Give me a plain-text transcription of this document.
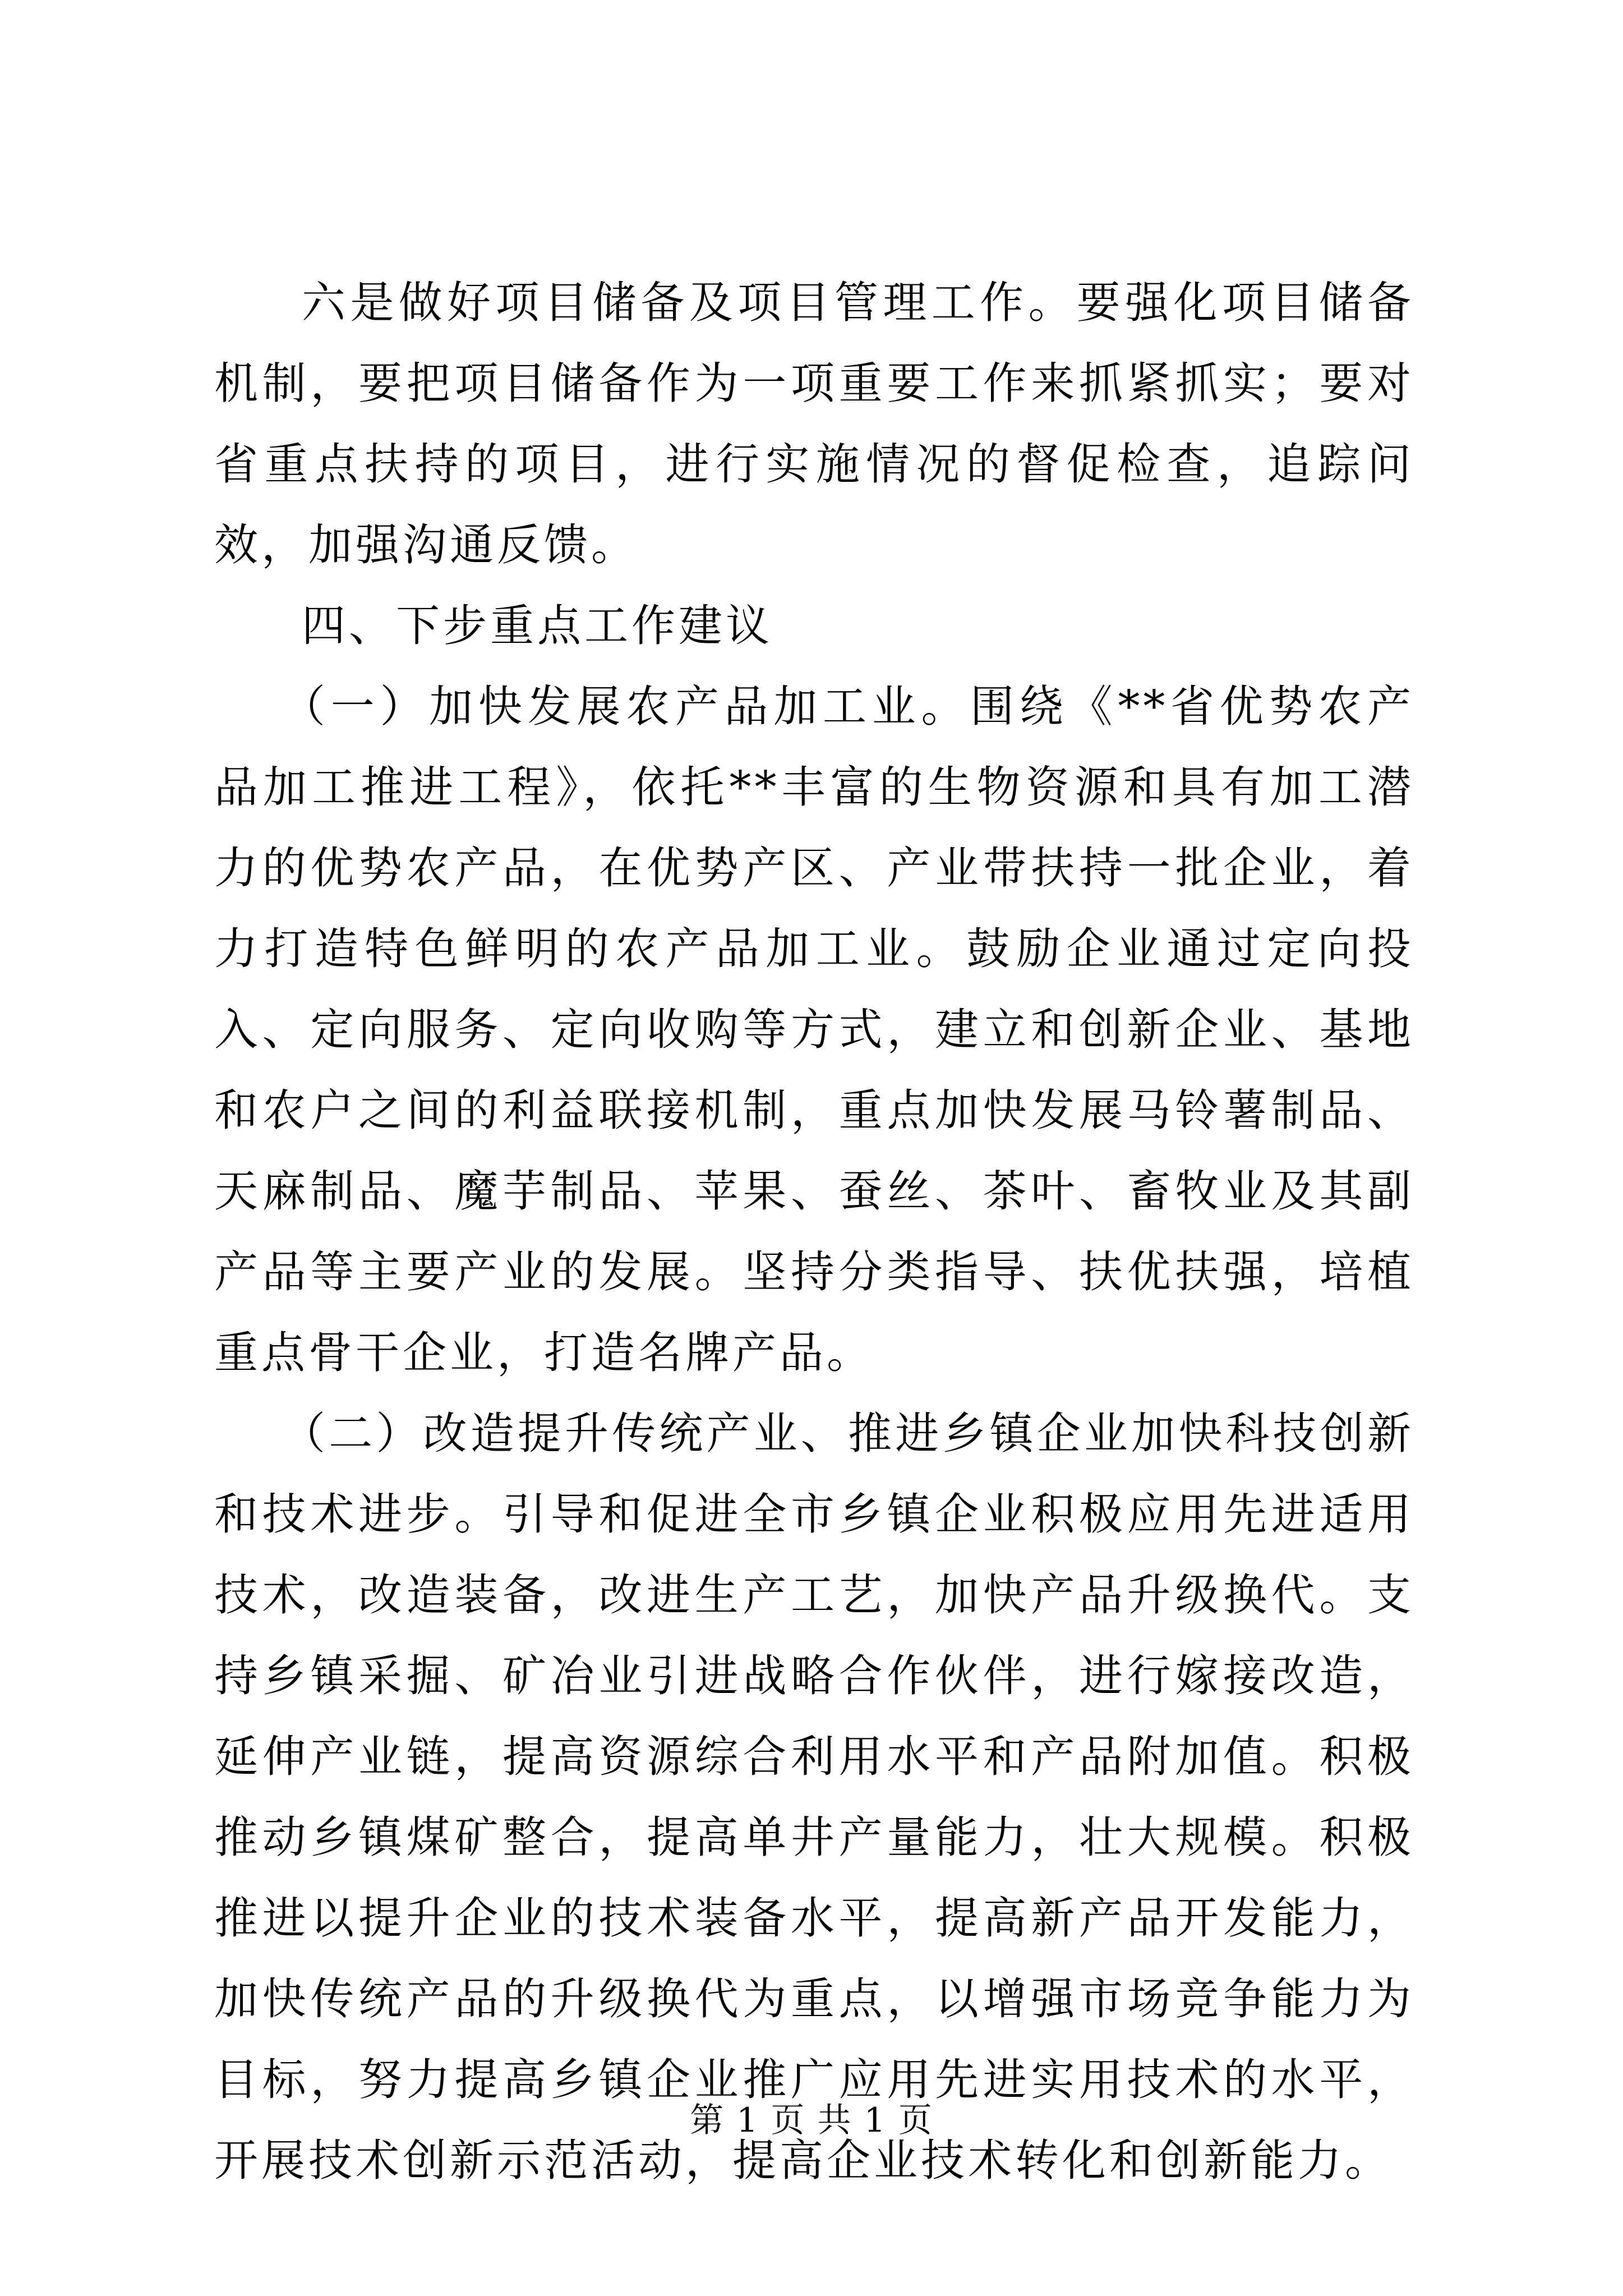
六是做好项目储备及项目管理工作。要强化项目储备机制，要把项目储备作为一项重要工作来抓紧抓实；要对省重点扶持的项目，进行实施情况的督促检查，追踪问效，加强沟通反馈。

四、下步重点工作建议

（一）加快发展农产品加工业。围绕《**省优势农产品加工推进工程》，依托**丰富的生物资源和具有加工潜力的优势农产品，在优势产区、产业带扶持一批企业，着力打造特色鲜明的农产品加工业。鼓励企业通过定向投入、定向服务、定向收购等方式，建立和创新企业、基地和农户之间的利益联接机制，重点加快发展马铃薯制品、天麻制品、魔芋制品、苹果、蚕丝、茶叶、畜牧业及其副产品等主要产业的发展。坚持分类指导、扶优扶强，培植重点骨干企业，打造名牌产品。

（二）改造提升传统产业、推进乡镇企业加快科技创新和技术进步。引导和促进全市乡镇企业积极应用先进适用技术，改造装备，改进生产工艺，加快产品升级换代。支持乡镇采掘、矿冶业引进战略合作伙伴，进行嫁接改造，延伸产业链，提高资源综合利用水平和产品附加值。积极推动乡镇煤矿整合，提高单井产量能力，壮大规模。积极推进以提升企业的技术装备水平，提高新产品开发能力，加快传统产品的升级换代为重点，以增强市场竞争能力为目标，努力提高乡镇企业推广应用先进实用技术的水平，开展技术创新示范活动，提高企业技术转化和创新能力。

第 1 页 共 1 页
